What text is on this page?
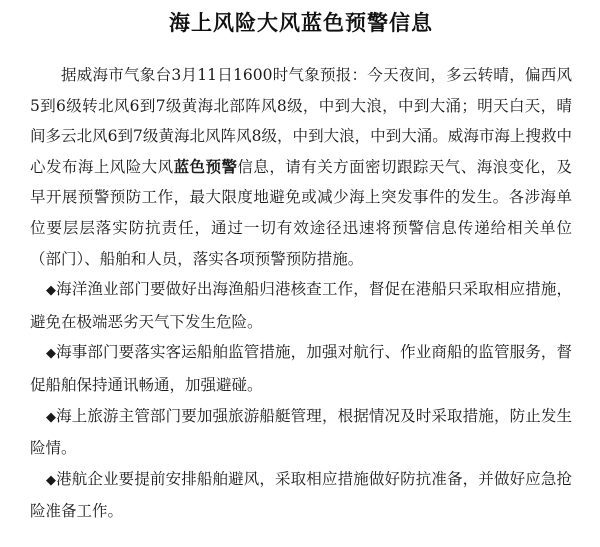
海上风险大风蓝色预警信息

据威海市气象台3月11日1600时气象预报：今天夜间，多云转晴，偏西风5到6级转北风6到7级黄海北部阵风8级，中到大浪，中到大涌；明天白天，晴间多云北风6到7级黄海北风阵风8级，中到大浪，中到大涌。威海市海上搜救中心发布海上风险大风蓝色预警信息，请有关方面密切跟踪天气、海浪变化，及早开展预警预防工作，最大限度地避免或减少海上突发事件的发生。各涉海单位要层层落实防抗责任，通过一切有效途径迅速将预警信息传递给相关单位（部门）、船舶和人员，落实各项预警预防措施。

◆海洋渔业部门要做好出海渔船归港核查工作，督促在港船只采取相应措施，避免在极端恶劣天气下发生危险。

◆海事部门要落实客运船舶监管措施，加强对航行、作业商船的监管服务，督促船舶保持通讯畅通，加强避碰。

◆海上旅游主管部门要加强旅游船艇管理，根据情况及时采取措施，防止发生险情。

◆港航企业要提前安排船舶避风，采取相应措施做好防抗准备，并做好应急抢险准备工作。
